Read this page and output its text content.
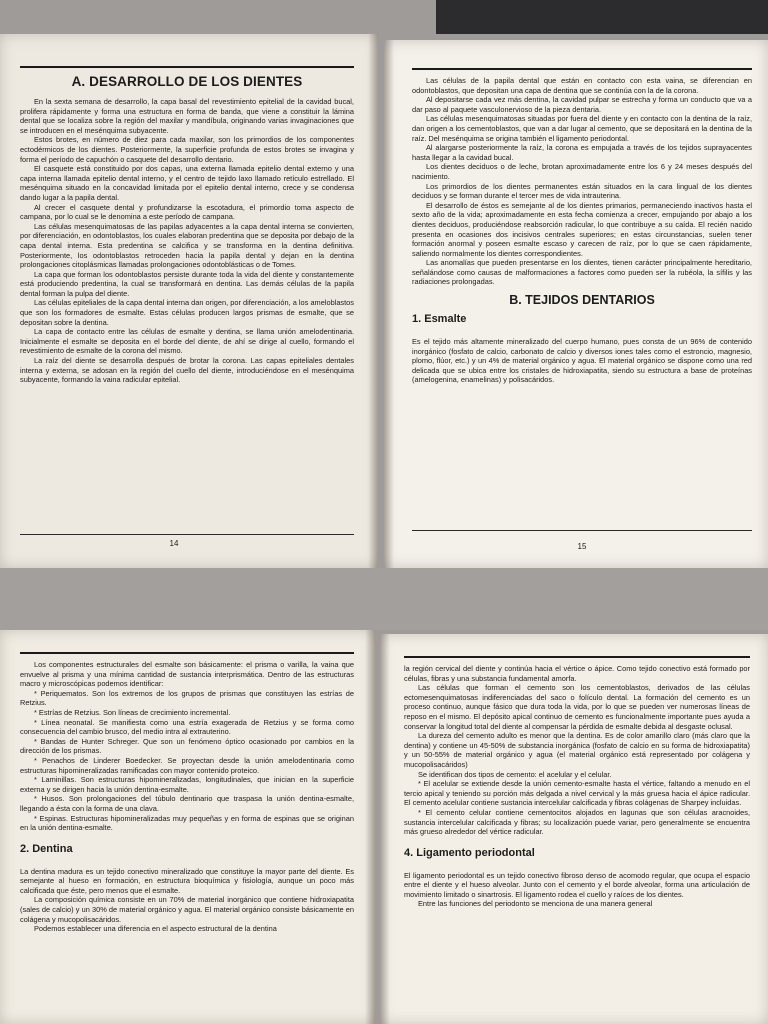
A. DESARROLLO DE LOS DIENTES

En la sexta semana de desarrollo, la capa basal del revestimiento epitelial de la cavidad bucal, prolifera rápidamente y forma una estructura en forma de banda, que viene a constituir la lámina dental que se localiza sobre la región del maxilar y mandíbula, originando varias invaginaciones que se introducen en el mesénquima subyacente.

Estos brotes, en número de diez para cada maxilar, son los primordios de los componentes ectodérmicos de los dientes. Posteriormente, la superficie profunda de estos brotes se invagina y forma el período de capuchón o casquete del desarrollo dentario.

El casquete está constituido por dos capas, una externa llamada epitelio dental externo y una capa interna llamada epitelio dental interno, y el centro de tejido laxo llamado retículo estrellado. El mesénquima situado en la concavidad limitada por el epitelio dental interno, crece y se condensa dando lugar a la papila dental.

Al crecer el casquete dental y profundizarse la escotadura, el primordio toma aspecto de campana, por lo cual se le denomina a este período de campana.

Las células mesenquimatosas de las papilas adyacentes a la capa dental interna se convierten, por diferenciación, en odontoblastos, los cuales elaboran predentina que se deposita por debajo de la capa dental interna. Esta predentina se calcifica y se transforma en la dentina definitiva. Posteriormente, los odontoblastos retroceden hacia la papila dental y dejan en la dentina prolongaciones citoplásmicas llamadas prolongaciones odontoblásticas o de Tomes.

La capa que forman los odontoblastos persiste durante toda la vida del diente y constantemente está produciendo predentina, la cual se transformará en dentina. Las demás células de la papila dental forman la pulpa del diente.

Las células epiteliales de la capa dental interna dan origen, por diferenciación, a los ameloblastos que son los formadores de esmalte. Estas células producen largos prismas de esmalte, que se depositan sobre la dentina.

La capa de contacto entre las células de esmalte y dentina, se llama unión amelodentinaria. Inicialmente el esmalte se deposita en el borde del diente, de ahí se dirige al cuello, formando el revestimiento de esmalte de la corona del mismo.

La raíz del diente se desarrolla después de brotar la corona. Las capas epiteliales dentales interna y externa, se adosan en la región del cuello del diente, introduciéndose en el mesénquima subyacente, formando la vaina radicular epitelial.

14

Las células de la papila dental que están en contacto con esta vaina, se diferencian en odontoblastos, que depositan una capa de dentina que se continúa con la de la corona.

Al depositarse cada vez más dentina, la cavidad pulpar se estrecha y forma un conducto que va a dar paso al paquete vasculonervioso de la pieza dentaria.

Las células mesenquimatosas situadas por fuera del diente y en contacto con la dentina de la raíz, dan origen a los cementoblastos, que van a dar lugar al cemento, que se depositará en la dentina de la raíz. Del mesénquima se origina también el ligamento periodontal.

Al alargarse posteriormente la raíz, la corona es empujada a través de los tejidos suprayacentes hasta llegar a la cavidad bucal.

Los dientes deciduos o de leche, brotan aproximadamente entre los 6 y 24 meses después del nacimiento.

Los primordios de los dientes permanentes están situados en la cara lingual de los dientes deciduos y se forman durante el tercer mes de vida intrauterina.

El desarrollo de éstos es semejante al de los dientes primarios, permaneciendo inactivos hasta el sexto año de la vida; aproximadamente en esta fecha comienza a crecer, empujando por abajo a los dientes deciduos, produciéndose reabsorción radicular, lo que contribuye a su caída. El recién nacido presenta en ocasiones dos incisivos centrales superiores; en estas circunstancias, suelen tener formación anormal y poseen esmalte escaso y carecen de raíz, por lo que se caen rápidamente, saliendo normalmente los dientes correspondientes.

Las anomalías que pueden presentarse en los dientes, tienen carácter principalmente hereditario, señalándose como causas de malformaciones a factores como pueden ser la rubéola, la sífilis y las radiaciones prolongadas.

B. TEJIDOS DENTARIOS
1. Esmalte

Es el tejido más altamente mineralizado del cuerpo humano, pues consta de un 96% de contenido inorgánico (fosfato de calcio, carbonato de calcio y diversos iones tales como el estroncio, magnesio, plomo, flúor, etc.) y un 4% de material orgánico y agua. El material orgánico se dispone como una red delicada que se ubica entre los cristales de hidroxiapatita, siendo su estructura a base de proteínas (amelogenina, enamelinas) y polisacáridos.

15

Los componentes estructurales del esmalte son básicamente: el prisma o varilla, la vaina que envuelve al prisma y una mínima cantidad de sustancia interprismática. Dentro de las estructuras macro y microscópicas podemos identificar:

* Periquematos. Son los extremos de los grupos de prismas que constituyen las estrías de Retzius.

* Estrías de Retzius. Son líneas de crecimiento incremental.

* Línea neonatal. Se manifiesta como una estría exagerada de Retzius y se forma como consecuencia del cambio brusco, del medio intra al extrauterino.

* Bandas de Hunter Schreger. Que son un fenómeno óptico ocasionado por cambios en la dirección de los prismas.

* Penachos de Linderer Boedecker. Se proyectan desde la unión amelodentinaria como estructuras hipomineralizadas ramificadas con mayor contenido proteico.

* Laminillas. Son estructuras hipomineralizadas, longitudinales, que inician en la superficie externa y se dirigen hacia la unión dentina-esmalte.

* Husos. Son prolongaciones del túbulo dentinario que traspasa la unión dentina-esmalte, llegando a ésta con la forma de una clava.

* Espinas. Estructuras hipomineralizadas muy pequeñas y en forma de espinas que se originan en la unión dentina-esmalte.

2. Dentina

La dentina madura es un tejido conectivo mineralizado que constituye la mayor parte del diente. Es semejante al hueso en formación, en estructura bioquímica y fisiología, aunque un poco más calcificada que éste, pero menos que el esmalte.

La composición química consiste en un 70% de material inorgánico que contiene hidroxiapatita (sales de calcio) y un 30% de material orgánico y agua. El material orgánico consiste básicamente en colágena y mucopolisacáridos.

Podemos establecer una diferencia en el aspecto estructural de la dentina

la región cervical del diente y continúa hacia el vértice o ápice. Como tejido conectivo está formado por células, fibras y una substancia fundamental amorfa.

Las células que forman el cemento son los cementoblastos, derivados de las células ectomesenquimatosas indiferenciadas del saco o folículo dental. La formación del cemento es un proceso continuo, aunque fásico que dura toda la vida, por lo que se pueden ver numerosas líneas de reposo en el mismo. El depósito apical continuo de cemento es funcionalmente importante pues ayuda a conservar la longitud total del diente al compensar la pérdida de esmalte debida al desgaste oclusal.

La dureza del cemento adulto es menor que la dentina. Es de color amarillo claro (más claro que la dentina) y contiene un 45-50% de substancia inorgánica (fosfato de calcio en su forma de hidroxiapatita) y un 50-55% de material orgánico y agua (el material orgánico está representado por colágena y mucopolisacáridos)

Se identifican dos tipos de cemento: el acelular y el celular.

* El acelular se extiende desde la unión cemento-esmalte hasta el vértice, faltando a menudo en el tercio apical y teniendo su porción más delgada a nivel cervical y la más gruesa hacia el ápice radicular. El cemento acelular contiene sustancia intercelular calcificada y fibras colágenas de Sharpey incluidas.

* El cemento celular contiene cementocitos alojados en lagunas que son células aracnoides, sustancia intercelular calcificada y fibras; su localización puede variar, pero generalmente se encuentra más grueso alrededor del vértice radicular.

4. Ligamento periodontal

El ligamento periodontal es un tejido conectivo fibroso denso de acomodo regular, que ocupa el espacio entre el diente y el hueso alveolar. Junto con el cemento y el borde alveolar, forma una articulación de movimiento limitado o sinartrosis. El ligamento rodea el cuello y raíces de los dientes.

Entre las funciones del periodonto se menciona de una manera general
